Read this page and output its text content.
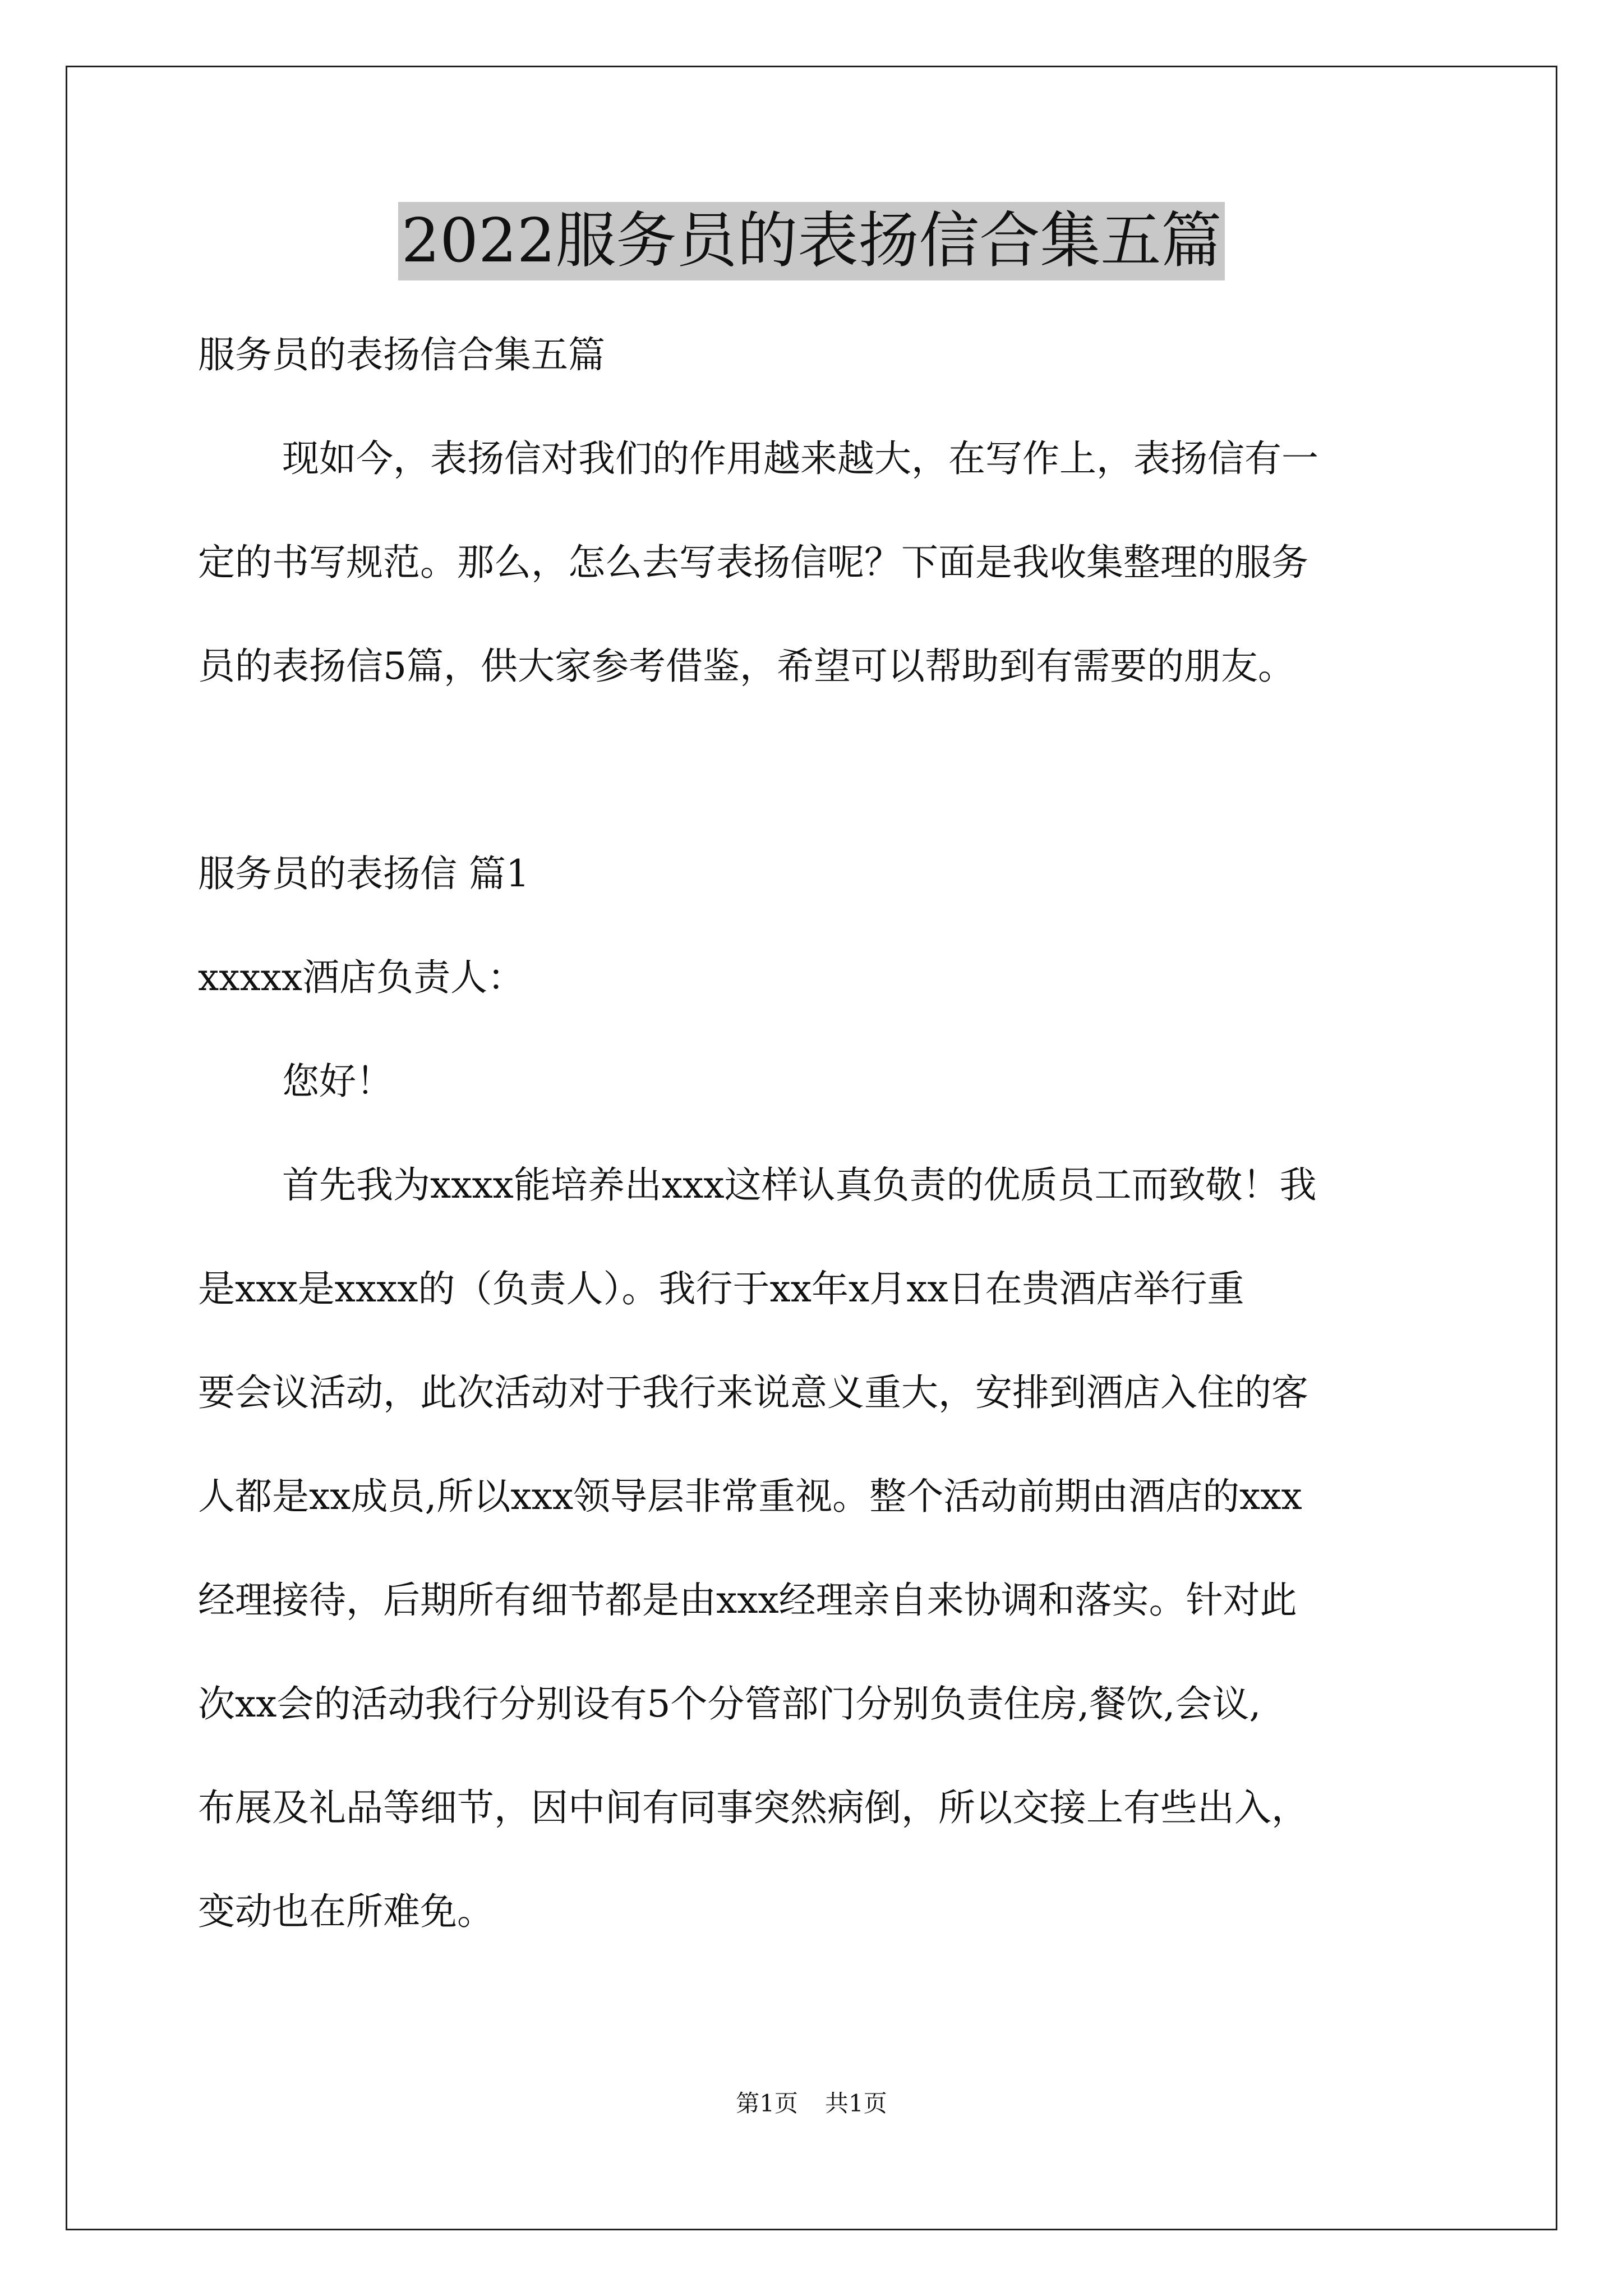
2022服务员的表扬信合集五篇
服务员的表扬信合集五篇
现如今，表扬信对我们的作用越来越大，在写作上，表扬信有一
定的书写规范。那么，怎么去写表扬信呢？下面是我收集整理的服务
员的表扬信5篇，供大家参考借鉴，希望可以帮助到有需要的朋友。
服务员的表扬信 篇1
xxxxx酒店负责人：
您好！
首先我为xxxx能培养出xxx这样认真负责的优质员工而致敬！我
是xxx是xxxx的（负责人）。我行于xx年x月xx日在贵酒店举行重
要会议活动，此次活动对于我行来说意义重大，安排到酒店入住的客
人都是xx成员,所以xxx领导层非常重视。整个活动前期由酒店的xxx
经理接待，后期所有细节都是由xxx经理亲自来协调和落实。针对此
次xx会的活动我行分别设有5个分管部门分别负责住房,餐饮,会议,
布展及礼品等细节，因中间有同事突然病倒，所以交接上有些出入，
变动也在所难免。
第1页 共1页
